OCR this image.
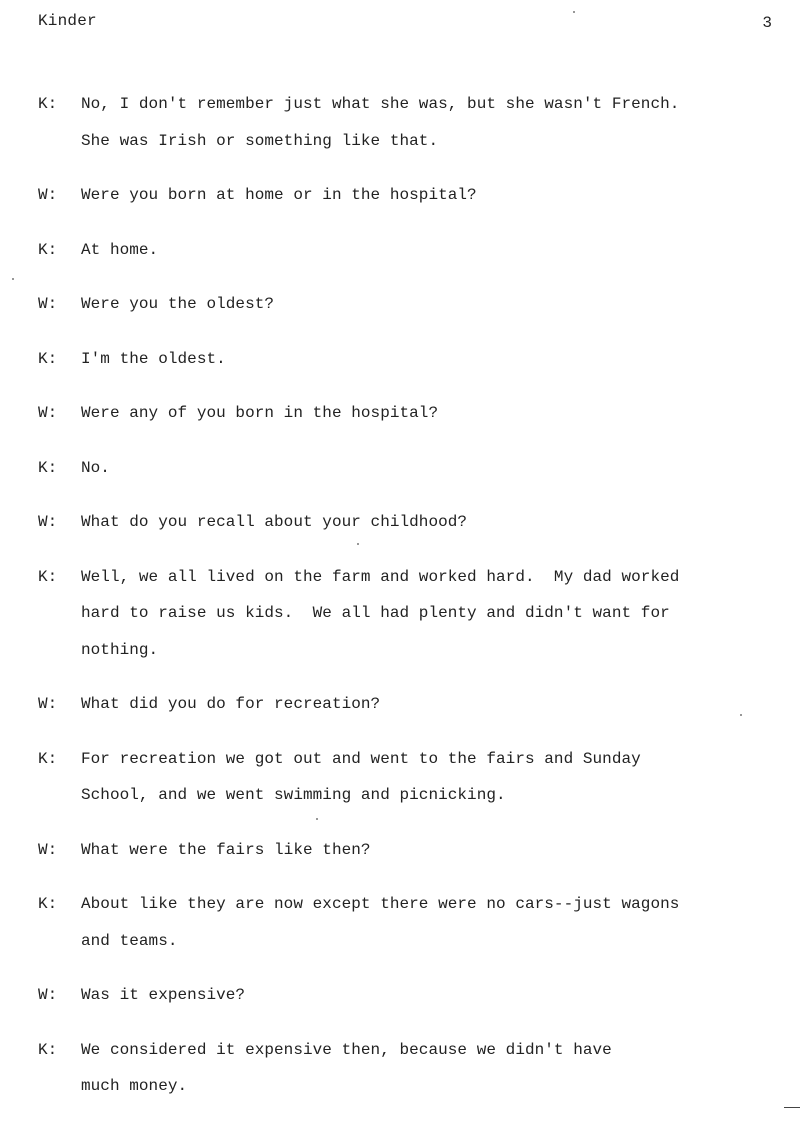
Kinder	3
K:	No, I don't remember just what she was, but she wasn't French.
She was Irish or something like that.
W:	Were you born at home or in the hospital?
K:	At home.
W:	Were you the oldest?
K:	I'm the oldest.
W:	Were any of you born in the hospital?
K:	No.
W:	What do you recall about your childhood?
K:	Well, we all lived on the farm and worked hard.  My dad worked
hard to raise us kids.  We all had plenty and didn't want for
nothing.
W:	What did you do for recreation?
K:	For recreation we got out and went to the fairs and Sunday
School, and we went swimming and picnicking.
W:	What were the fairs like then?
K:	About like they are now except there were no cars--just wagons
and teams.
W:	Was it expensive?
K:	We considered it expensive then, because we didn't have
much money.
